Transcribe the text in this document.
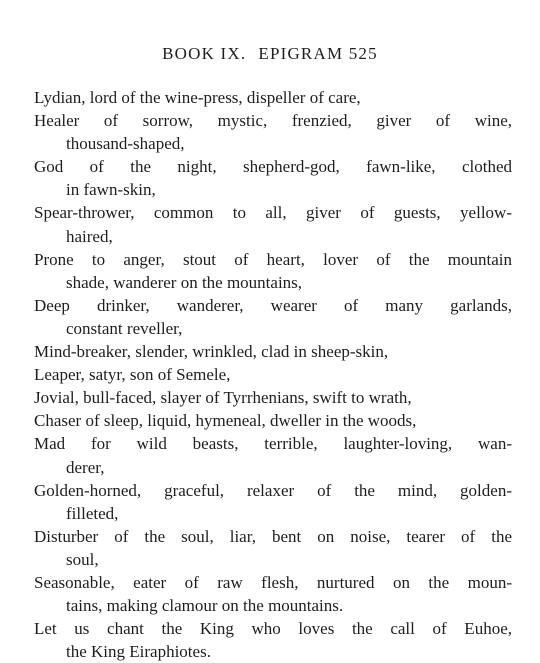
BOOK IX. EPIGRAM 525

Lydian, lord of the wine-press, dispeller of care,

Healer of sorrow, mystic, frenzied, giver of wine,
thousand-shaped,

God of the night, shepherd-god, fawn-like, clothed
in fawn-skin,

Spear-thrower, common to all, giver of guests, yellow-
haired,

Prone to anger, stout of heart, lover of the mountain
shade, wanderer on the mountains,

Deep drinker, wanderer, wearer of many garlands,
constant reveller,

Mind-breaker, slender, wrinkled, clad in sheep-skin,

Leaper, satyr, son of Semele,

Jovial, bull-faced, slayer of Tyrrhenians, swift to wrath,

Chaser of sleep, liquid, hymeneal, dweller in the woods,

Mad for wild beasts, terrible, laughter-loving, wan-
derer,

Golden-horned, graceful, relaxer of the mind, golden-
filleted,

Disturber of the soul, liar, bent on noise, tearer of the
soul,

Seasonable, eater of raw flesh, nurtured on the moun-
tains, making clamour on the mountains.

Let us chant the King who loves the call of Euhoe,
the King Eiraphiotes.
